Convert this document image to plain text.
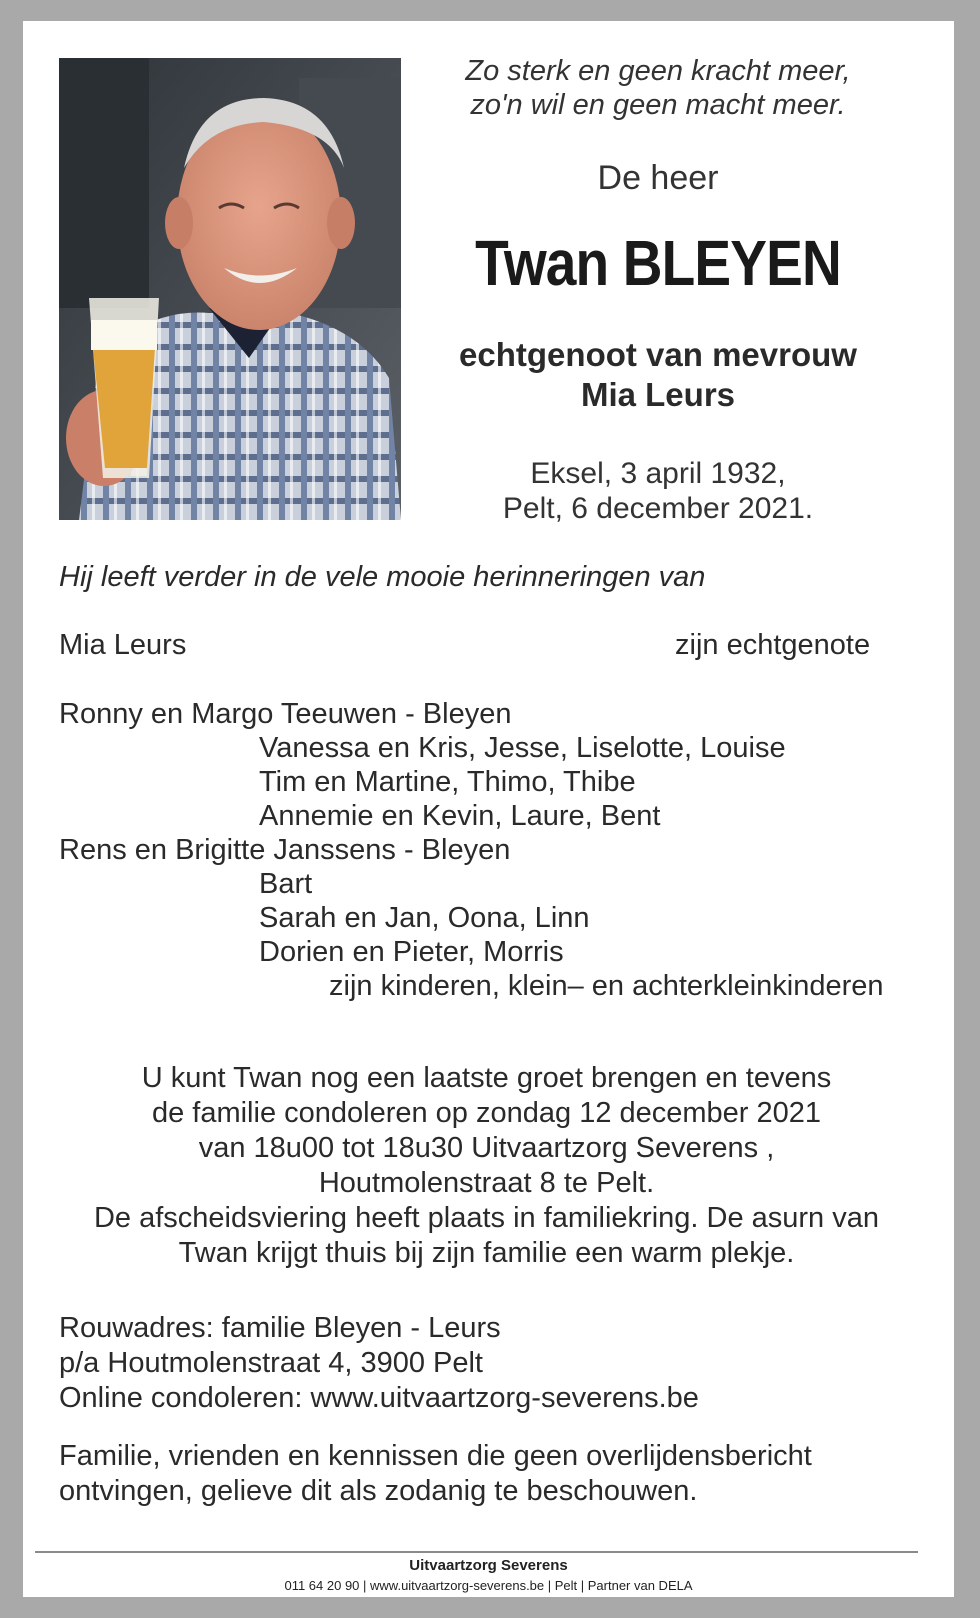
Zo sterk en geen kracht meer,
zo'n wil en geen macht meer.
De heer
Twan BLEYEN
echtgenoot van mevrouw
Mia Leurs
Eksel, 3 april 1932,
Pelt, 6 december 2021.
Hij leeft verder in de vele mooie herinneringen van
Mia Leurs	zijn echtgenote
Ronny en Margo Teeuwen - Bleyen
Vanessa en Kris, Jesse, Liselotte, Louise
Tim en Martine, Thimo, Thibe
Annemie en Kevin, Laure, Bent
Rens en Brigitte Janssens - Bleyen
Bart
Sarah en Jan, Oona, Linn
Dorien en Pieter, Morris
zijn kinderen, klein– en achterkleinkinderen
U kunt Twan nog een laatste groet brengen en tevens
de familie condoleren op zondag 12 december 2021
van 18u00 tot 18u30 Uitvaartzorg Severens ,
Houtmolenstraat 8 te Pelt.
De afscheidsviering heeft plaats in familiekring. De asurn van
Twan krijgt thuis bij zijn familie een warm plekje.
Rouwadres: familie Bleyen - Leurs
p/a Houtmolenstraat 4, 3900 Pelt
Online condoleren: www.uitvaartzorg-severens.be
Familie, vrienden en kennissen die geen overlijdensbericht
ontvingen, gelieve dit als zodanig te beschouwen.
Uitvaartzorg Severens
011 64 20 90 | www.uitvaartzorg-severens.be | Pelt | Partner van DELA
